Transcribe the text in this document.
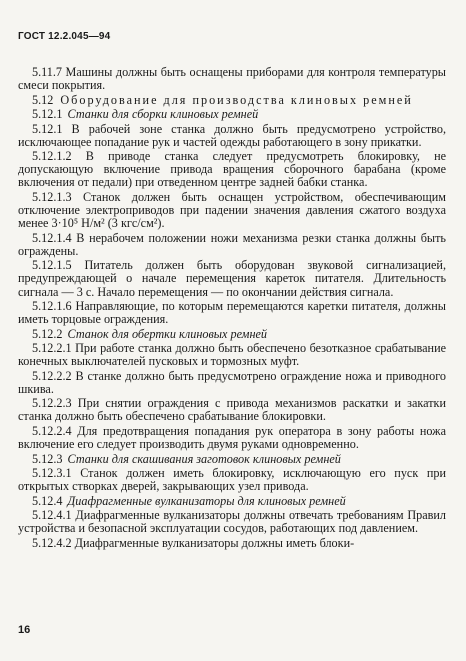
ГОСТ 12.2.045—94

5.11.7 Машины должны быть оснащены приборами для контроля температуры смеси покрытия.

5.12 Оборудование для производства клиновых ремней

5.12.1 Станки для сборки клиновых ремней

5.12.1 В рабочей зоне станка должно быть предусмотрено устройство, исключающее попадание рук и частей одежды работающего в зону прикатки.

5.12.1.2 В приводе станка следует предусмотреть блокировку, не допускающую включение привода вращения сборочного барабана (кроме включения от педали) при отведенном центре задней бабки станка.

5.12.1.3 Станок должен быть оснащен устройством, обеспечивающим отключение электроприводов при падении значения давления сжатого воздуха менее 3·10⁵ Н/м² (3 кгс/см²).

5.12.1.4 В нерабочем положении ножи механизма резки станка должны быть ограждены.

5.12.1.5 Питатель должен быть оборудован звуковой сигнализацией, предупреждающей о начале перемещения кареток питателя. Длительность сигнала — 3 с. Начало перемещения — по окончании действия сигнала.

5.12.1.6 Направляющие, по которым перемещаются каретки питателя, должны иметь торцовые ограждения.

5.12.2 Станок для обертки клиновых ремней

5.12.2.1 При работе станка должно быть обеспечено безотказное срабатывание конечных выключателей пусковых и тормозных муфт.

5.12.2.2 В станке должно быть предусмотрено ограждение ножа и приводного шкива.

5.12.2.3 При снятии ограждения с привода механизмов раскатки и закатки станка должно быть обеспечено срабатывание блокировки.

5.12.2.4 Для предотвращения попадания рук оператора в зону работы ножа включение его следует производить двумя руками одновременно.

5.12.3 Станки для скашивания заготовок клиновых ремней

5.12.3.1 Станок должен иметь блокировку, исключающую его пуск при открытых створках дверей, закрывающих узел привода.

5.12.4 Диафрагменные вулканизаторы для клиновых ремней

5.12.4.1 Диафрагменные вулканизаторы должны отвечать требованиям Правил устройства и безопасной эксплуатации сосудов, работающих под давлением.

5.12.4.2 Диафрагменные вулканизаторы должны иметь блоки-

16
